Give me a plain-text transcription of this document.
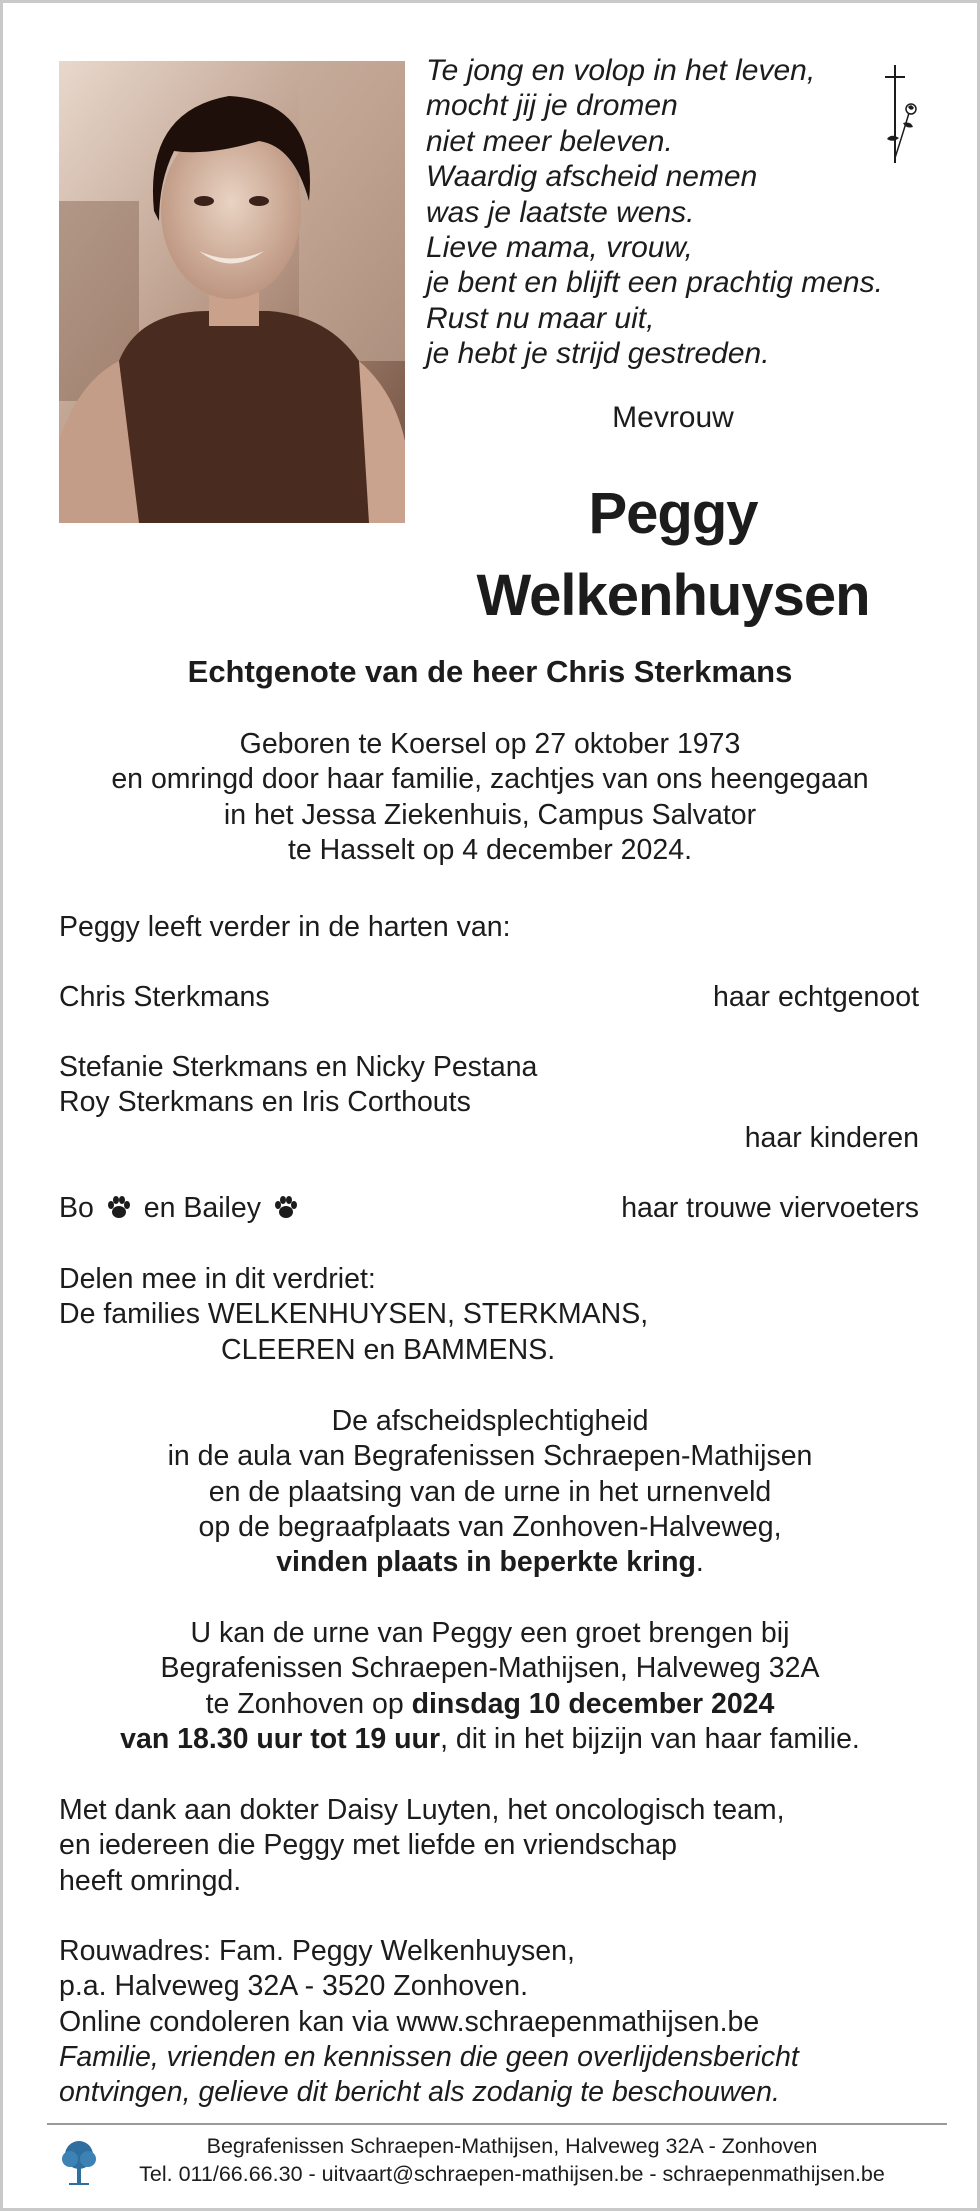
Te jong en volop in het leven,
mocht jij je dromen
niet meer beleven.
Waardig afscheid nemen
was je laatste wens.
Lieve mama, vrouw,
je bent en blijft een prachtig mens.
Rust nu maar uit,
je hebt je strijd gestreden.
Mevrouw
Peggy
Welkenhuysen
Echtgenote van de heer Chris Sterkmans
Geboren te Koersel op 27 oktober 1973
en omringd door haar familie, zachtjes van ons heengegaan
in het Jessa Ziekenhuis, Campus Salvator
te Hasselt op 4 december 2024.
Peggy leeft verder in de harten van:
Chris Sterkmans	haar echtgenoot
Stefanie Sterkmans en Nicky Pestana
Roy Sterkmans en Iris Corthouts
haar kinderen
Bo en Bailey	haar trouwe viervoeters
Delen mee in dit verdriet:
De families WELKENHUYSEN, STERKMANS,
CLEEREN en BAMMENS.
De afscheidsplechtigheid
in de aula van Begrafenissen Schraepen-Mathijsen
en de plaatsing van de urne in het urnenveld
op de begraafplaats van Zonhoven-Halveweg,
vinden plaats in beperkte kring.
U kan de urne van Peggy een groet brengen bij
Begrafenissen Schraepen-Mathijsen, Halveweg 32A
te Zonhoven op dinsdag 10 december 2024
van 18.30 uur tot 19 uur, dit in het bijzijn van haar familie.
Met dank aan dokter Daisy Luyten, het oncologisch team,
en iedereen die Peggy met liefde en vriendschap
heeft omringd.
Rouwadres: Fam. Peggy Welkenhuysen,
p.a. Halveweg 32A - 3520 Zonhoven.
Online condoleren kan via www.schraepenmathijsen.be
Familie, vrienden en kennissen die geen overlijdensbericht
ontvingen, gelieve dit bericht als zodanig te beschouwen.
Begrafenissen Schraepen-Mathijsen, Halveweg 32A - Zonhoven
Tel. 011/66.66.30 - uitvaart@schraepen-mathijsen.be - schraepenmathijsen.be
